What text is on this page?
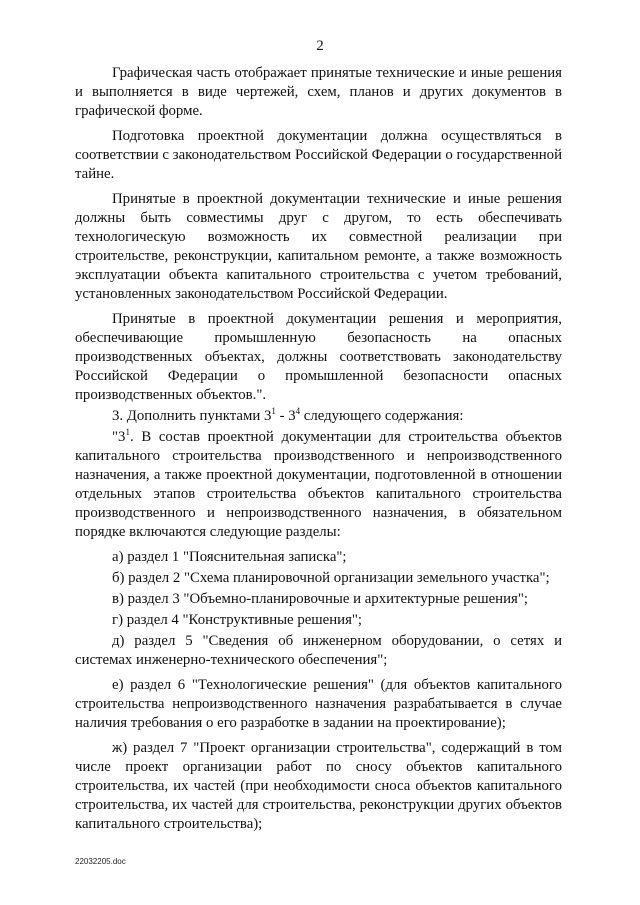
2

Графическая часть отображает принятые технические и иные решения и выполняется в виде чертежей, схем, планов и других документов в графической форме.

Подготовка проектной документации должна осуществляться в соответствии с законодательством Российской Федерации о государственной тайне.

Принятые в проектной документации технические и иные решения должны быть совместимы друг с другом, то есть обеспечивать технологическую возможность их совместной реализации при строительстве, реконструкции, капитальном ремонте, а также возможность эксплуатации объекта капитального строительства с учетом требований, установленных законодательством Российской Федерации.

Принятые в проектной документации решения и мероприятия, обеспечивающие промышленную безопасность на опасных производственных объектах, должны соответствовать законодательству Российской Федерации о промышленной безопасности опасных производственных объектов.".

3. Дополнить пунктами $3^1 - 3^4$ следующего содержания:

"$3^1$. В состав проектной документации для строительства объектов капитального строительства производственного и непроизводственного назначения, а также проектной документации, подготовленной в отношении отдельных этапов строительства объектов капитального строительства производственного и непроизводственного назначения, в обязательном порядке включаются следующие разделы:

а) раздел 1 "Пояснительная записка";

б) раздел 2 "Схема планировочной организации земельного участка";

в) раздел 3 "Объемно-планировочные и архитектурные решения";

г) раздел 4 "Конструктивные решения";

д) раздел 5 "Сведения об инженерном оборудовании, о сетях и системах инженерно-технического обеспечения";

е) раздел 6 "Технологические решения" (для объектов капитального строительства непроизводственного назначения разрабатывается в случае наличия требования о его разработке в задании на проектирование);

ж) раздел 7 "Проект организации строительства", содержащий в том числе проект организации работ по сносу объектов капитального строительства, их частей (при необходимости сноса объектов капитального строительства, их частей для строительства, реконструкции других объектов капитального строительства);

22032205.doc
